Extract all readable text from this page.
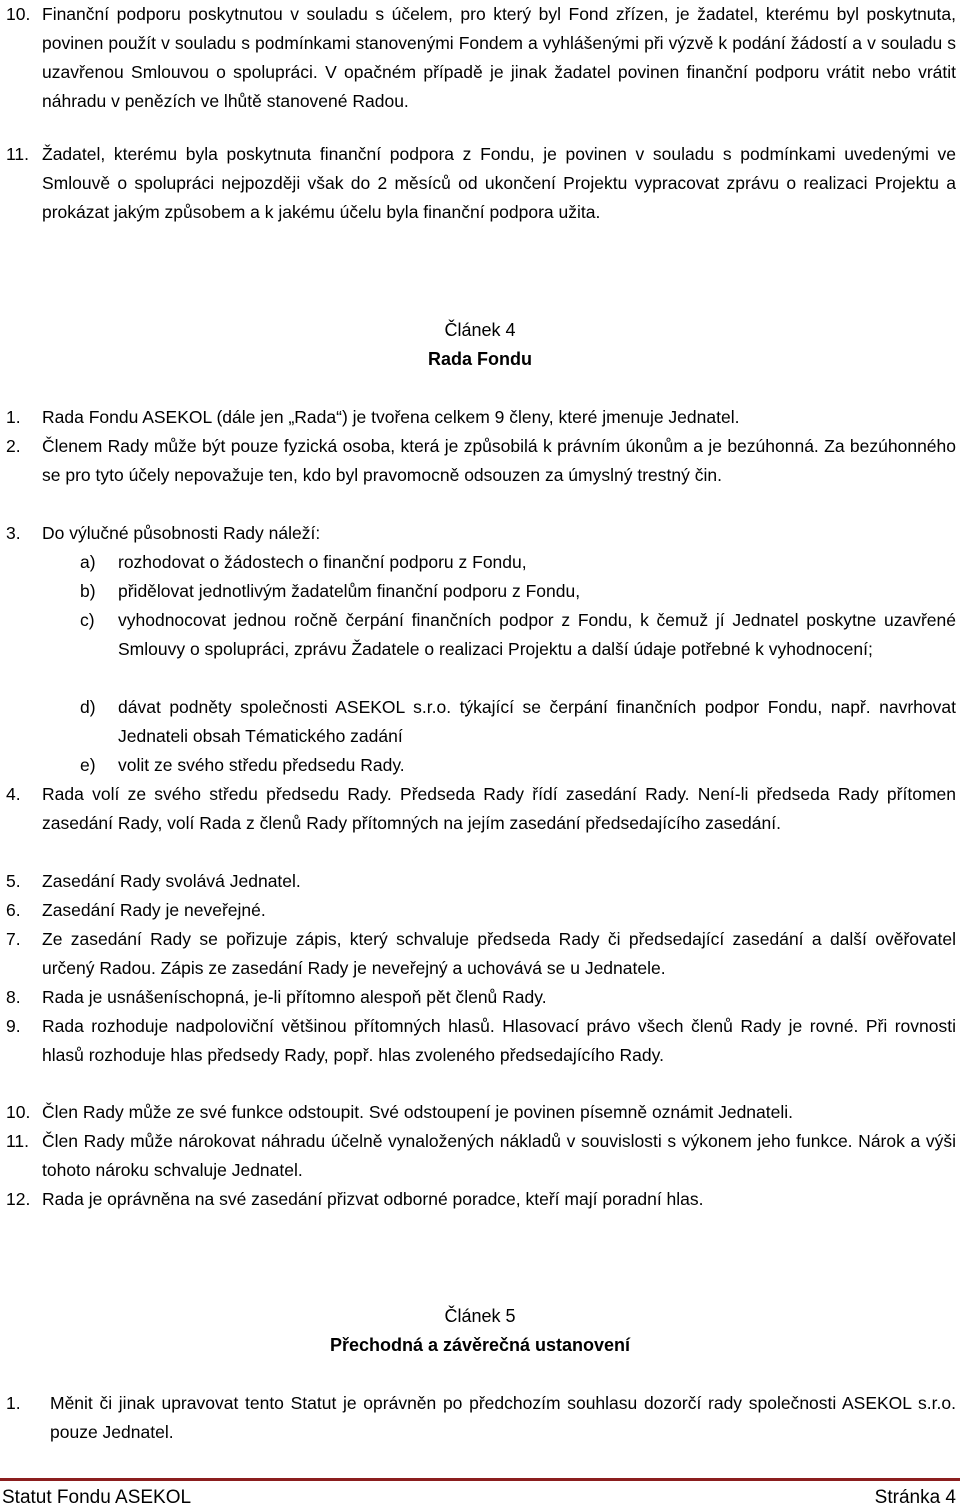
10. Finanční podporu poskytnutou v souladu s účelem, pro který byl Fond zřízen, je žadatel, kterému byl poskytnuta, povinen použít v souladu s podmínkami stanovenými Fondem a vyhlášenými při výzvě k podání žádostí a v souladu s uzavřenou Smlouvou o spolupráci. V opačném případě je jinak žadatel povinen finanční podporu vrátit nebo vrátit náhradu v penězích ve lhůtě stanovené Radou.
11. Žadatel, kterému byla poskytnuta finanční podpora z Fondu, je povinen v souladu s podmínkami uvedenými ve Smlouvě o spolupráci nejpozději však do 2 měsíců od ukončení Projektu vypracovat zprávu o realizaci Projektu a prokázat jakým způsobem a k jakému účelu byla finanční podpora užita.
Článek 4
Rada Fondu
1. Rada Fondu ASEKOL (dále jen „Rada“) je tvořena celkem 9 členy, které jmenuje Jednatel.
2. Členem Rady může být pouze fyzická osoba, která je způsobilá k právním úkonům a je bezúhonná. Za bezúhonného se pro tyto účely nepovažuje ten, kdo byl pravomocně odsouzen za úmyslný trestný čin.
3. Do výlučné působnosti Rady náleží:
a) rozhodovat o žádostech o finanční podporu z Fondu,
b) přidělovat jednotlivým žadatelům finanční podporu z Fondu,
c) vyhodnocovat jednou ročně čerpání finančních podpor z Fondu, k čemuž jí Jednatel poskytne uzavřené Smlouvy o spolupráci, zprávu Žadatele o realizaci Projektu a další údaje potřebné k vyhodnocení;
d) dávat podněty společnosti ASEKOL s.r.o. týkající se čerpání finančních podpor Fondu, např. navrhovat Jednateli obsah Tématického zadání
e) volit ze svého středu předsedu Rady.
4. Rada volí ze svého středu předsedu Rady. Předseda Rady řídí zasedání Rady. Není-li předseda Rady přítomen zasedání Rady, volí Rada z členů Rady přítomných na jejím zasedání předsedajícího zasedání.
5. Zasedání Rady svolává Jednatel.
6. Zasedání Rady je neveřejné.
7. Ze zasedání Rady se pořizuje zápis, který schvaluje předseda Rady či předsedající zasedání a další ověřovatel určený Radou. Zápis ze zasedání Rady je neveřejný a uchovává se u Jednatele.
8. Rada je usnášeníschopná, je-li přítomno alespoň pět členů Rady.
9. Rada rozhoduje nadpoloviční většinou přítomných hlasů. Hlasovací právo všech členů Rady je rovné. Při rovnosti hlasů rozhoduje hlas předsedy Rady, popř. hlas zvoleného předsedajícího Rady.
10. Člen Rady může ze své funkce odstoupit. Své odstoupení je povinen písemně oznámit Jednateli.
11. Člen Rady může nárokovat náhradu účelně vynaložených nákladů v souvislosti s výkonem jeho funkce. Nárok a výši tohoto nároku schvaluje Jednatel.
12. Rada je oprávněna na své zasedání přizvat odborné poradce, kteří mají poradní hlas.
Článek 5
Přechodná a závěrečná ustanovení
1. Měnit či jinak upravovat tento Statut je oprávněn po předchozím souhlasu dozorčí rady společnosti ASEKOL s.r.o. pouze Jednatel.
Statut Fondu ASEKOL	Stránka 4
